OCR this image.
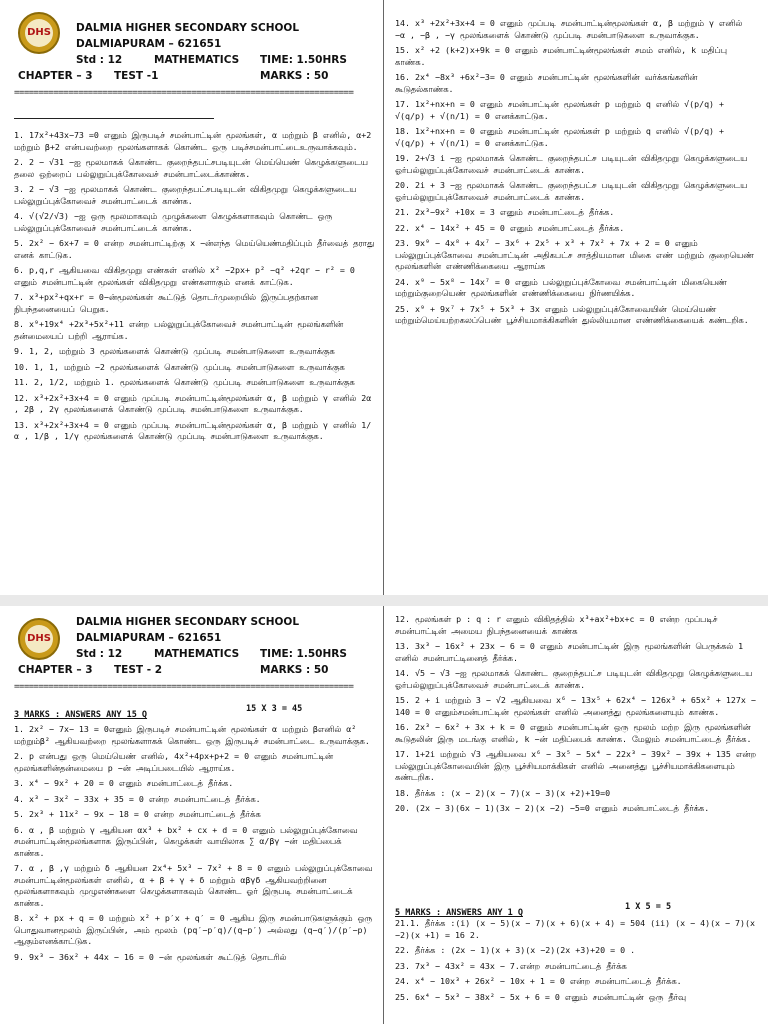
DHS DALMIA HIGHER SECONDARY SCHOOL
DALMIAPURAM – 621651
Std : 12	MATHEMATICS TIME: 1.50HRS
CHAPTER – 3 TEST -1	MARKS : 50
=====================================================================

1. 17x²+43x−73 =0 எனும் இருபடிச் சமன்பாட்டின் மூலங்கள், α மற்றும் β எனில், α+2 மற்றும் β+2 என்பவற்றை மூலங்களாகக் கொண்ட ஒரு படிச்சமன்பாட்டைஉருவாக்கவும்.

2. 2 − √31 −ஐ மூலமாகக் கொண்ட குறைந்தபட்சபடியுடன் மெய்யெண் கெழுக்களுடைய தலை ஒற்றைப் பல்லுறுப்புக்கோவைச் சமன்பாட்டைக்காண்க.

3. 2 − √3 −ஐ மூலமாகக் கொண்ட குறைந்தபட்சபடியுடன் விகிதமுறு கெழுக்களுடைய பல்லுறுப்புக்கோவைச் சமன்பாட்டைக் காண்க.

4. √(√2/√3) −ஐ ஒரு மூலமாகவும் முழுக்களை கெழுக்களாகவும் கொண்ட ஒரு பல்லுறுப்புக்கோவைச் சமன்பாட்டைக் காண்க.

5. 2x² − 6x+7 = 0 என்ற சமன்பாட்டிற்கு x −ன்எந்த மெய்யெண்மதிப்பும் தீர்வைத் தராது எனக் காட்டுக.

6. p,q,r ஆகியவை விகிதமுறு எண்கள் எனில் x² −2px+ p² −q² +2qr − r² = 0 எனும் சமன்பாட்டின் மூலங்கள் விகிதமுறு எண்களாகும் எனக் காட்டுக.

7. x³+px²+qx+r = 0−ன்மூலங்கள் கூட்டுத் தொடர்முறையில் இருப்பதற்கான நிபந்தனையைப் பெறுக.

8. x⁹+19x⁴ +2x³+5x²+11 என்ற பல்லுறுப்புக்கோவைச் சமன்பாட்டின் மூலங்களின் தன்மையைப் பற்றி ஆராய்க.

9. 1, 2, மற்றும் 3 மூலங்களைக் கொண்டு முப்படி சமன்பாடுகளை உருவாக்குக

10. 1, 1, மற்றும் −2 மூலங்களைக் கொண்டு முப்படி சமன்பாடுகளை உருவாக்குக

11. 2, 1/2, மற்றும் 1. மூலங்களைக் கொண்டு முப்படி சமன்பாடுகளை உருவாக்குக

12. x³+2x²+3x+4 = 0 எனும் முப்படி சமன்பாட்டின்மூலங்கள் α, β மற்றும் γ எனில் 2α , 2β , 2γ மூலங்களைக் கொண்டு முப்படி சமன்பாடுகளை உருவாக்குக.

13. x³+2x²+3x+4 = 0 எனும் முப்படி சமன்பாட்டின்மூலங்கள் α, β மற்றும் γ எனில் 1/α , 1/β , 1/γ மூலங்களைக் கொண்டு முப்படி சமன்பாடுகளை உருவாக்குக.

14. x³ +2x²+3x+4 = 0 எனும் முப்படி சமன்பாட்டின்மூலங்கள் α, β மற்றும் γ எனில் −α , −β , −γ மூலங்களைக் கொண்டு முப்படி சமன்பாடுகளை உருவாக்குக.

15. x² +2 (k+2)x+9k = 0 எனும் சமன்பாட்டின்மூலங்கள் சமம் எனில், k மதிப்பு காண்க.

16. 2x⁴ −8x³ +6x²−3= 0 எனும் சமன்பாட்டின் மூலங்களின் வர்க்கங்களின் கூடுதல்காண்க.

17. 1x²+nx+n = 0 எனும் சமன்பாட்டின் மூலங்கள் p மற்றும் q எனில் √(p/q) + √(q/p) + √(n/1) = 0 எனக்காட்டுக.

18. 1x²+nx+n = 0 எனும் சமன்பாட்டின் மூலங்கள் p மற்றும் q எனில் √(p/q) + √(q/p) + √(n/1) = 0 எனக்காட்டுக.

19. 2+√3 i −ஐ மூலமாகக் கொண்ட குறைந்தபட்ச படியுடன் விகிதமுறு கெழுக்களுடைய ஓர்பல்லுறுப்புக்கோவைச் சமன்பாட்டைக் காண்க.

20. 2i + 3 −ஐ மூலமாகக் கொண்ட குறைந்தபட்ச படியுடன் விகிதமுறு கெழுக்களுடைய ஓர்பல்லுறுப்புக்கோவைச் சமன்பாட்டைக் காண்க.

21. 2x³−9x² +10x = 3 எனும் சமன்பாட்டைத் தீர்க்க.

22. x⁴ − 14x² + 45 = 0 எனும் சமன்பாட்டைத் தீர்க்க.

23. 9x⁹ − 4x⁸ + 4x⁷ − 3x⁶ + 2x⁵ + x³ + 7x² + 7x + 2 = 0 எனும் பல்லுறுப்புக்கோவை சமன்பாட்டின் அதிகபட்ச சாத்தியமான மிகை எண் மற்றும் குறையெண் மூலங்களின் எண்ணிக்கையை ஆராய்க

24. x⁹ − 5x⁸ − 14x⁷ = 0 எனும் பல்லுறுப்புக்கோவை சமன்பாட்டின் மிகையெண் மற்றும்குறையெண் மூலங்களின் எண்ணிக்கையை நிர்ணயிக்க.

25. x⁹ + 9x⁷ + 7x⁵ + 5x³ + 3x எனும் பல்லுறுப்புக்கோவையின் மெய்யெண் மற்றும்மெய்யற்றகலப்பெண் பூச்சியமாக்கிகளின் துல்லியமான எண்ணிக்கையைக் கண்டறிக.

DHS
DALMIA HIGHER SECONDARY SCHOOL
DALMIAPURAM – 621651
Std : 12	MATHEMATICS TIME: 1.50HRS
CHAPTER – 3 TEST - 2	MARKS : 50
=====================================================================
3 MARKS : ANSWERS ANY 15 Q
15 X 3 = 45

1. 2x² − 7x− 13 = 0எனும் இருபடிச் சமன்பாட்டின் மூலங்கள் α மற்றும் βஎனில் α² மற்றும்β² ஆகியவற்றை மூலங்களாகக் கொண்ட ஒரு இருபடிச் சமன்பாட்டை உருவாக்குக.

2. p என்பது ஒரு மெய்யெண் எனில், 4x²+4px+p+2 = 0 எனும் சமன்பாட்டின் மூலங்களின்தன்மையை p −ன் அடிப்படையில் ஆராய்க.

3. x⁴ − 9x² + 20 = 0 எனும் சமன்பாட்டைத் தீர்க்க.

4. x³ − 3x² − 33x + 35 = 0 என்ற சமன்பாட்டைத் தீர்க்க.

5. 2x³ + 11x² − 9x − 18 = 0 என்ற சமன்பாட்டைத் தீர்க்க

6. α , β மற்றும் γ ஆகியன αx³ + bx² + cx + d = 0 எனும் பல்லுறுப்புக்கோவை சமன்பாட்டின்மூலங்களாக இருப்பின், கெழுக்கள் வாயிலாக ∑ α/βγ −ன் மதிப்பைக் காண்க.

7. α , β ,γ மற்றும் δ ஆகியன 2x⁴+ 5x³ − 7x² + 8 = 0 எனும் பல்லுறுப்புக்கோவை சமன்பாட்டின்மூலங்கள் எனில், α + β + γ + δ மற்றும் αβγδ ஆகியவற்றினை மூலங்களாகவும் முழுஎண்களை கெழுக்களாகவும் கொண்ட ஓர் இருபடி சமன்பாட்டைக் காண்க.

8. x² + px + q = 0 மற்றும் x² + p′x + q′ = 0 ஆகிய இரு சமன்பாடுகளுக்கும் ஒரு பொதுவானமூலம் இருப்பின், அம் மூலம் (pq′−p′q)/(q−p′) அல்லது (q−q′)/(p′−p) ஆகும்எனக்காட்டுக.

9. 9x³ − 36x² + 44x − 16 = 0 −ன் மூலங்கள் கூட்டுத் தொடரில்

12. மூலங்கள் p : q : r எனும் விகிதத்தில் x³+ax²+bx+c = 0 என்ற முப்படிச் சமன்பாட்டின் அமைய நிபந்தனையைக் காண்க

13. 3x³ − 16x² + 23x − 6 = 0 எனும் சமன்பாட்டின் இரு மூலங்களின் பெருக்கல் 1 எனில் சமன்பாட்டினைத் தீர்க்க.

14. √5 − √3 −ஐ மூலமாகக் கொண்ட குறைந்தபட்ச படியுடன் விகிதமுறு கெழுக்களுடைய ஓர்பல்லுறுப்புக்கோவைச் சமன்பாட்டைக் காண்க.

15. 2 + i மற்றும் 3 − √2 ஆகியவை x⁶ − 13x⁵ + 62x⁴ − 126x³ + 65x² + 127x − 140 = 0 எனும்சமன்பாட்டின் மூலங்கள் எனில் அனைத்து மூலங்களையும் காண்க.

16. 2x³ − 6x² + 3x + k = 0 எனும் சமன்பாட்டின் ஒரு மூலம் மற்ற இரு மூலங்களின் கூடுதலின் இரு மடங்கு எனில், k −ன் மதிப்பைக் காண்க. மேலும் சமன்பாட்டைத் தீர்க்க.

17. 1+2i மற்றும் √3 ஆகியவை x⁶ − 3x⁵ − 5x⁴ − 22x³ − 39x² − 39x + 135 என்ற பல்லுறுப்புக்கோவையின் இரு பூச்சியமாக்கிகள் எனில் அனைத்து பூச்சியமாக்கிகளையும் கண்டறிக.

18. தீர்க்க : (x − 2)(x − 7)(x − 3)(x +2)+19=0

20. (2x − 3)(6x − 1)(3x − 2)(x −2) −5=0 எனும் சமன்பாட்டைத் தீர்க்க.

5 MARKS : ANSWERS ANY 1 Q
1 X 5 = 5

21.1. தீர்க்க :(i) (x − 5)(x − 7)(x + 6)(x + 4) = 504 (ii) (x − 4)(x − 7)(x −2)(x +1) = 16 2.

22. தீர்க்க : (2x − 1)(x + 3)(x −2)(2x +3)+20 = 0 .

23. 7x³ − 43x² = 43x − 7.என்ற சமன்பாட்டைத் தீர்க்க

24. x⁴ − 10x³ + 26x² − 10x + 1 = 0 என்ற சமன்பாட்டைத் தீர்க்க.

25. 6x⁴ − 5x³ − 38x² − 5x + 6 = 0 எனும் சமன்பாட்டின் ஒரு தீர்வு
